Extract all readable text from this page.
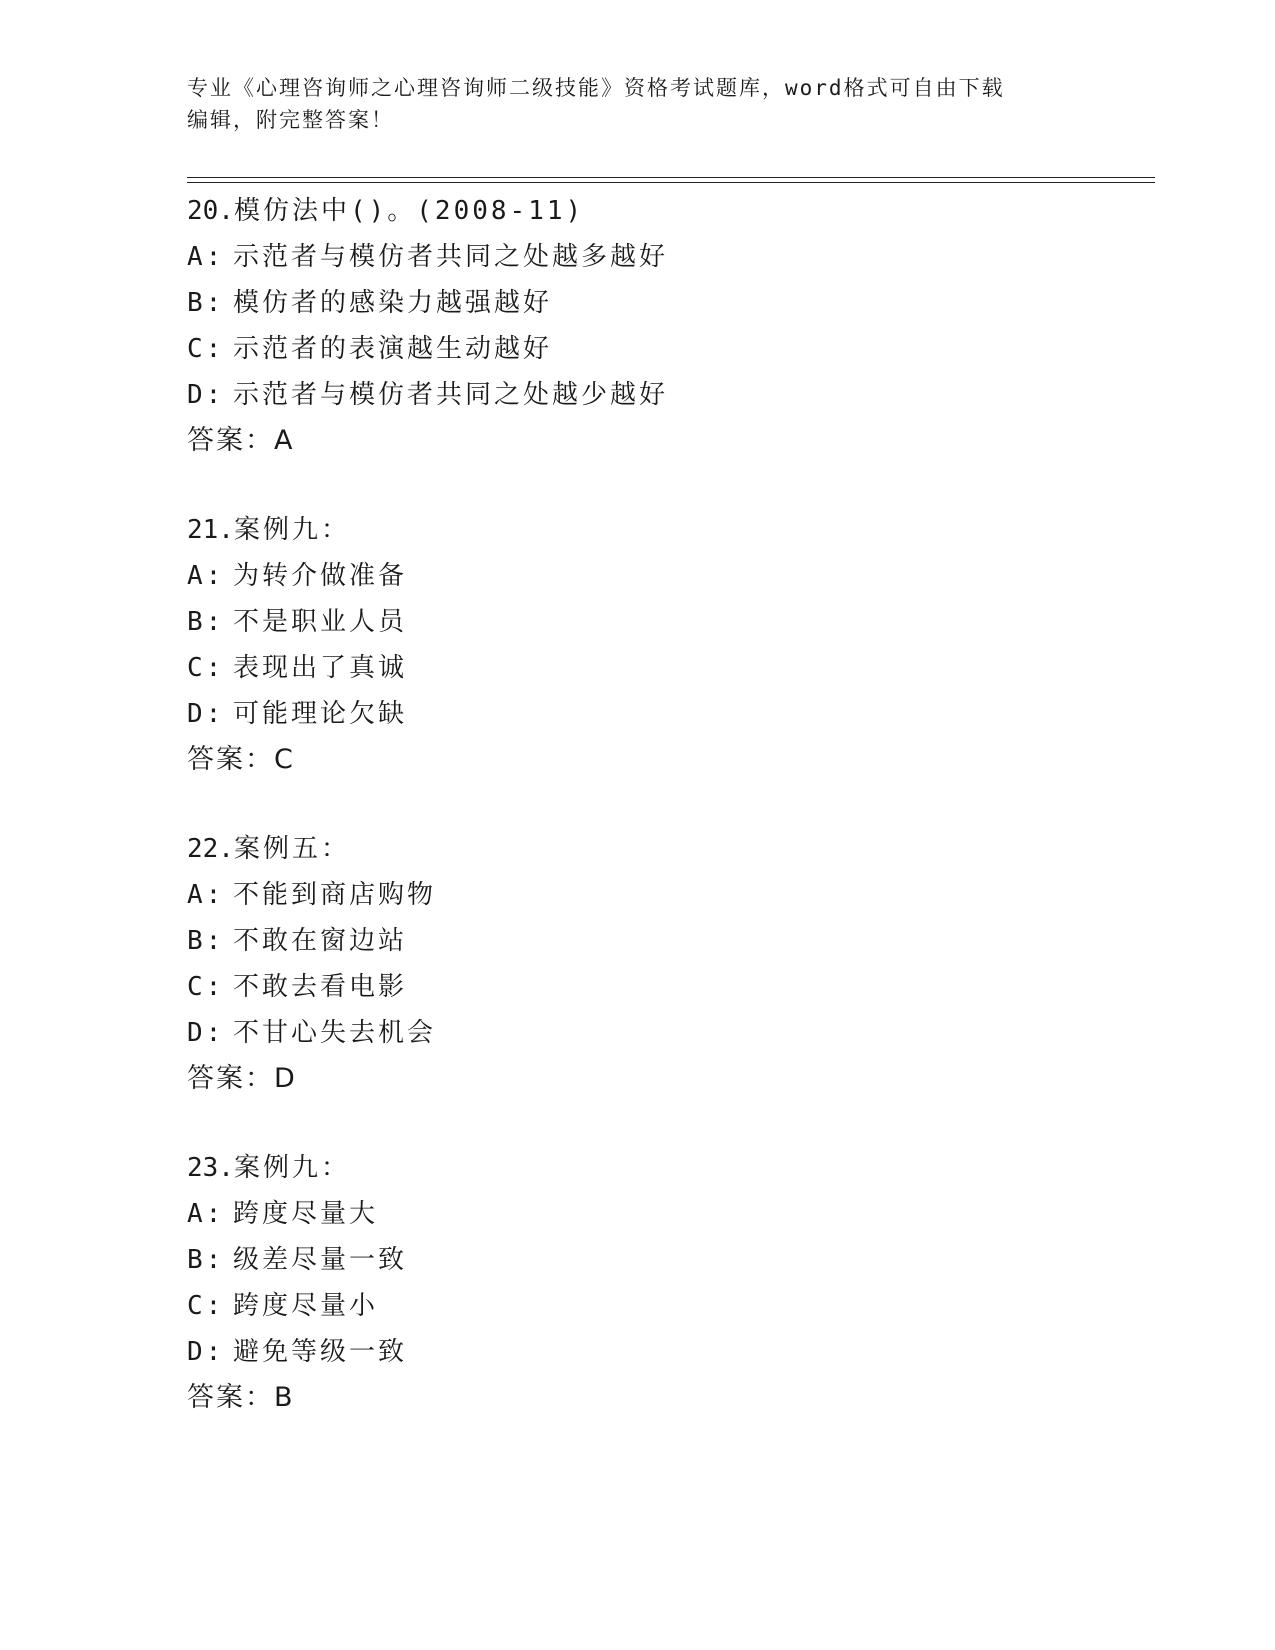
专业《心理咨询师之心理咨询师二级技能》资格考试题库，word格式可自由下载
编辑，附完整答案！
20.模仿法中()。(2008-11)
A: 示范者与模仿者共同之处越多越好
B: 模仿者的感染力越强越好
C: 示范者的表演越生动越好
D: 示范者与模仿者共同之处越少越好
答案：A
21.案例九：
A: 为转介做准备
B: 不是职业人员
C: 表现出了真诚
D: 可能理论欠缺
答案：C
22.案例五：
A: 不能到商店购物
B: 不敢在窗边站
C: 不敢去看电影
D: 不甘心失去机会
答案：D
23.案例九：
A: 跨度尽量大
B: 级差尽量一致
C: 跨度尽量小
D: 避免等级一致
答案：B
